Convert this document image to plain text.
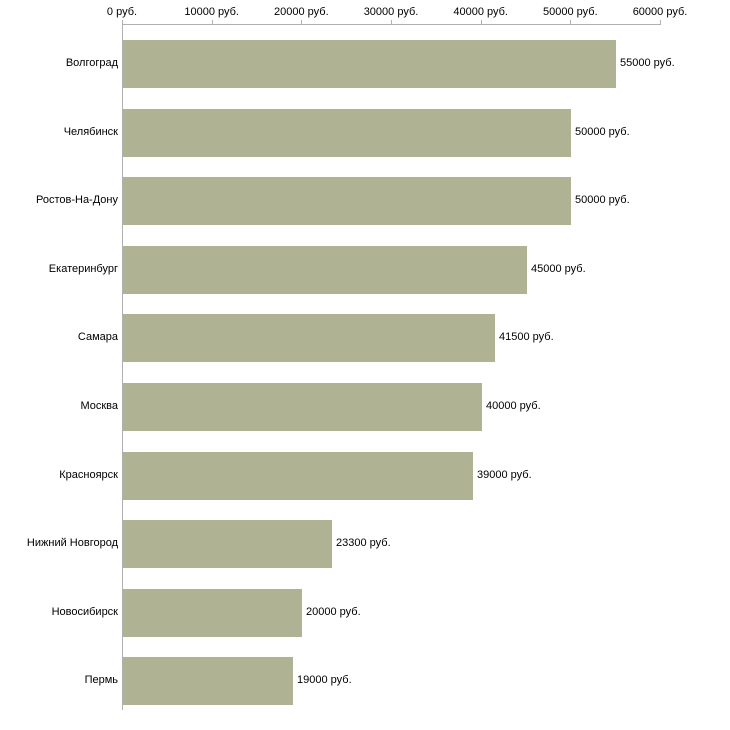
0 руб.	10000 руб.	20000 руб.	30000 руб.	40000 руб.	50000 руб.	60000 руб.
Волгоград	55000 руб.
Челябинск	50000 руб.
Ростов-На-Дону	50000 руб.
Екатеринбург	45000 руб.
Самара	41500 руб.
Москва	40000 руб.
Красноярск	39000 руб.
Нижний Новгород	23300 руб.
Новосибирск	20000 руб.
Пермь	19000 руб.
